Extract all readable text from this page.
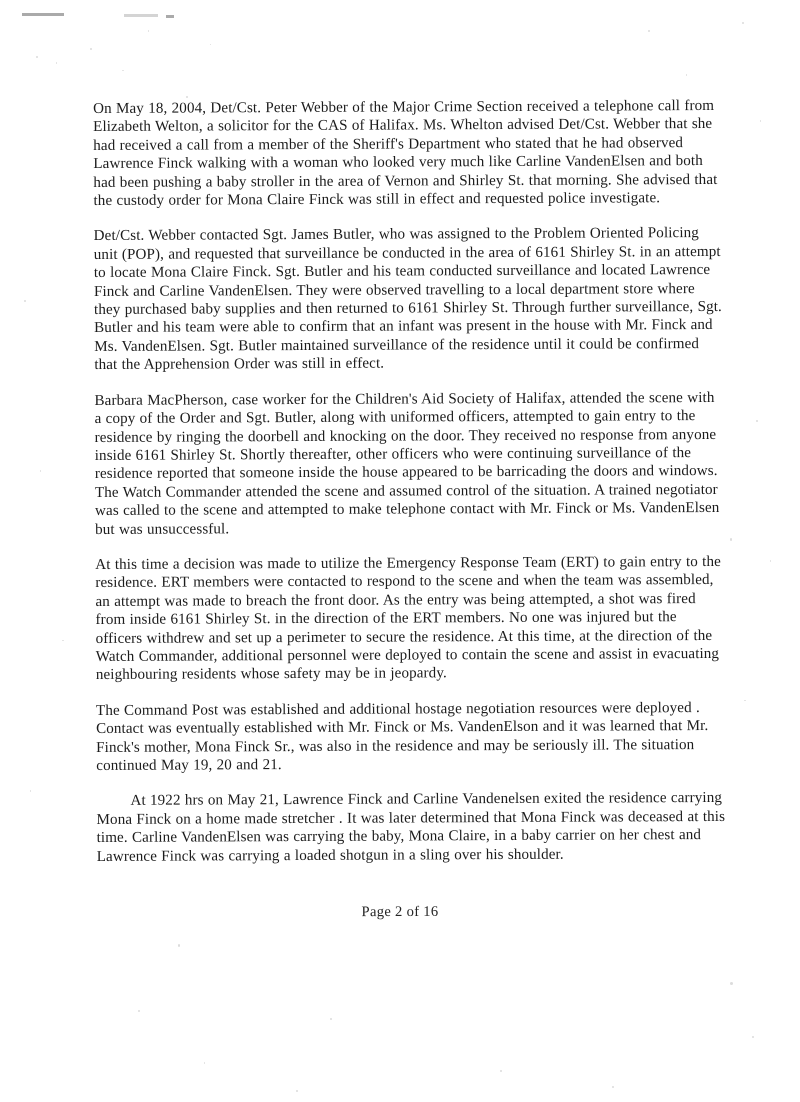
On May 18, 2004, Det/Cst. Peter Webber of the Major Crime Section received a telephone call from Elizabeth Welton, a solicitor for the CAS of Halifax. Ms. Whelton advised Det/Cst. Webber that she had received a call from a member of the Sheriff's Department who stated that he had observed Lawrence Finck walking with a woman who looked very much like Carline VandenElsen and both had been pushing a baby stroller in the area of Vernon and Shirley St. that morning. She advised that the custody order for Mona Claire Finck was still in effect and requested police investigate.

Det/Cst. Webber contacted Sgt. James Butler, who was assigned to the Problem Oriented Policing unit (POP), and requested that surveillance be conducted in the area of 6161 Shirley St. in an attempt to locate Mona Claire Finck. Sgt. Butler and his team conducted surveillance and located Lawrence Finck and Carline VandenElsen. They were observed travelling to a local department store where they purchased baby supplies and then returned to 6161 Shirley St. Through further surveillance, Sgt. Butler and his team were able to confirm that an infant was present in the house with Mr. Finck and Ms. VandenElsen. Sgt. Butler maintained surveillance of the residence until it could be confirmed that the Apprehension Order was still in effect.

Barbara MacPherson, case worker for the Children's Aid Society of Halifax, attended the scene with a copy of the Order and Sgt. Butler, along with uniformed officers, attempted to gain entry to the residence by ringing the doorbell and knocking on the door. They received no response from anyone inside 6161 Shirley St. Shortly thereafter, other officers who were continuing surveillance of the residence reported that someone inside the house appeared to be barricading the doors and windows. The Watch Commander attended the scene and assumed control of the situation. A trained negotiator was called to the scene and attempted to make telephone contact with Mr. Finck or Ms. VandenElsen but was unsuccessful.

At this time a decision was made to utilize the Emergency Response Team (ERT) to gain entry to the residence. ERT members were contacted to respond to the scene and when the team was assembled, an attempt was made to breach the front door. As the entry was being attempted, a shot was fired from inside 6161 Shirley St. in the direction of the ERT members. No one was injured but the officers withdrew and set up a perimeter to secure the residence. At this time, at the direction of the Watch Commander, additional personnel were deployed to contain the scene and assist in evacuating neighbouring residents whose safety may be in jeopardy.

The Command Post was established and additional hostage negotiation resources were deployed . Contact was eventually established with Mr. Finck or Ms. VandenElson and it was learned that Mr. Finck's mother, Mona Finck Sr., was also in the residence and may be seriously ill. The situation continued May 19, 20 and 21.

At 1922 hrs on May 21, Lawrence Finck and Carline Vandenelsen exited the residence carrying Mona Finck on a home made stretcher . It was later determined that Mona Finck was deceased at this time. Carline VandenElsen was carrying the baby, Mona Claire, in a baby carrier on her chest and Lawrence Finck was carrying a loaded shotgun in a sling over his shoulder.

Page 2 of 16
